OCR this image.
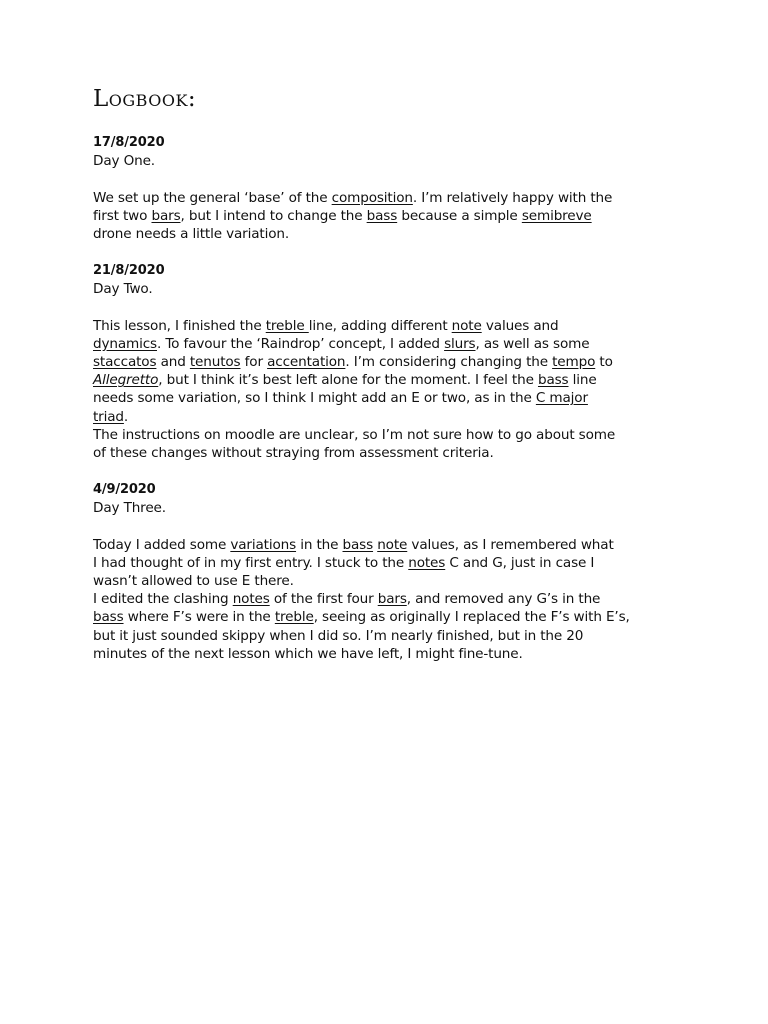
Logbook:
17/8/2020
Day One.
We set up the general ‘base’ of the composition. I’m relatively happy with the
first two bars, but I intend to change the bass because a simple semibreve
drone needs a little variation.
21/8/2020
Day Two.
This lesson, I finished the treble line, adding different note values and
dynamics. To favour the ‘Raindrop’ concept, I added slurs, as well as some
staccatos and tenutos for accentation. I’m considering changing the tempo to
Allegretto, but I think it’s best left alone for the moment. I feel the bass line
needs some variation, so I think I might add an E or two, as in the C major
triad.
The instructions on moodle are unclear, so I’m not sure how to go about some
of these changes without straying from assessment criteria.
4/9/2020
Day Three.
Today I added some variations in the bass note values, as I remembered what
I had thought of in my first entry. I stuck to the notes C and G, just in case I
wasn’t allowed to use E there.
I edited the clashing notes of the first four bars, and removed any G’s in the
bass where F’s were in the treble, seeing as originally I replaced the F’s with E’s,
but it just sounded skippy when I did so. I’m nearly finished, but in the 20
minutes of the next lesson which we have left, I might fine-tune.
